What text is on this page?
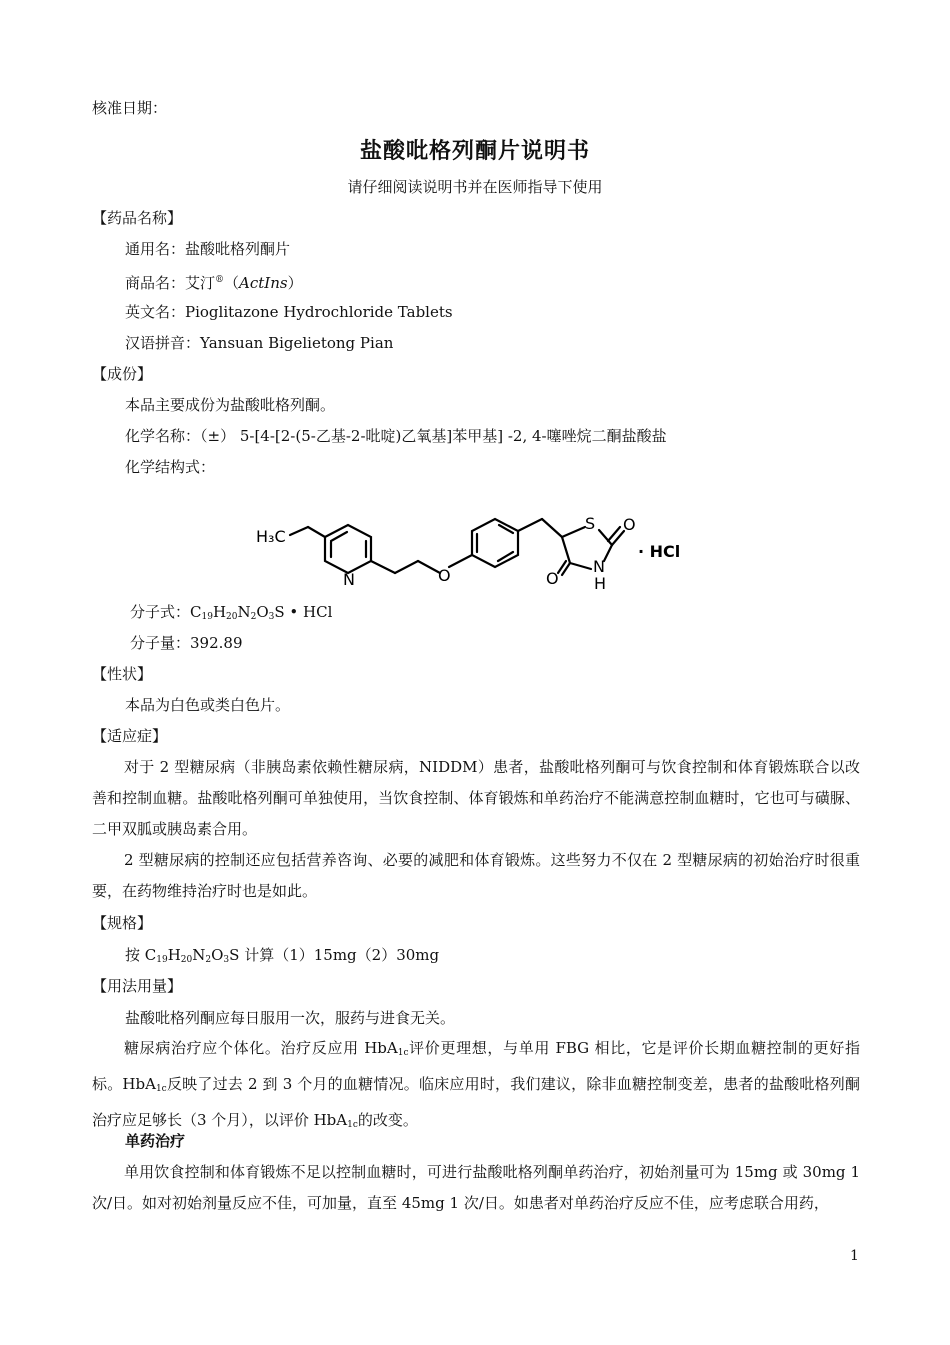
核准日期：
盐酸吡格列酮片说明书
请仔细阅读说明书并在医师指导下使用
【药品名称】
通用名：盐酸吡格列酮片
商品名：艾汀®（ActIns）
英文名：Pioglitazone Hydrochloride Tablets
汉语拼音：Yansuan Bigelietong Pian
【成份】
本品主要成份为盐酸吡格列酮。
化学名称：（±） 5-[4-[2-(5-乙基-2-吡啶)乙氧基]苯甲基] -2, 4-噻唑烷二酮盐酸盐
化学结构式：
H₃C
N	O
S O
N
H
O
· HCl
分子式：$C_{19}H_{20}N_2O_3S$ • HCl
分子量：392.89
【性状】
本品为白色或类白色片。
【适应症】
对于 2 型糖尿病（非胰岛素依赖性糖尿病，NIDDM）患者，盐酸吡格列酮可与饮食控制和体育锻炼联合以改善和控制血糖。盐酸吡格列酮可单独使用，当饮食控制、体育锻炼和单药治疗不能满意控制血糖时，它也可与磺脲、二甲双胍或胰岛素合用。
2 型糖尿病的控制还应包括营养咨询、必要的减肥和体育锻炼。这些努力不仅在 2 型糖尿病的初始治疗时很重要，在药物维持治疗时也是如此。
【规格】
按 $C_{19}H_{20}N_2O_3S$ 计算（1）15mg（2）30mg
【用法用量】
盐酸吡格列酮应每日服用一次，服药与进食无关。
糖尿病治疗应个体化。治疗反应用 HbA$_{1c}$评价更理想，与单用 FBG 相比，它是评价长期血糖控制的更好指标。HbA$_{1c}$反映了过去 2 到 3 个月的血糖情况。临床应用时，我们建议，除非血糖控制变差，患者的盐酸吡格列酮治疗应足够长（3 个月），以评价 HbA$_{1c}$的改变。
单药治疗
单用饮食控制和体育锻炼不足以控制血糖时，可进行盐酸吡格列酮单药治疗，初始剂量可为 15mg 或 30mg 1 次/日。如对初始剂量反应不佳，可加量，直至 45mg 1 次/日。如患者对单药治疗反应不佳，应考虑联合用药，
1
